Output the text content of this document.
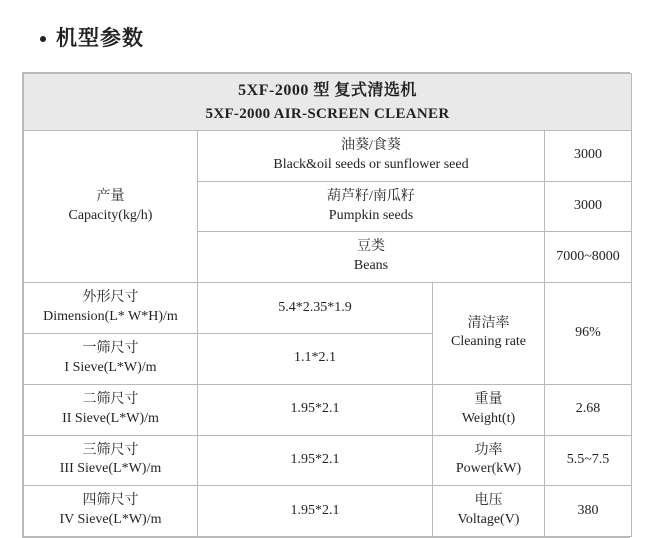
机型参数
5XF-2000 型 复式清选机
5XF-2000 AIR-SCREEN CLEANER			

产量
Capacity(kg/h)	油葵/食葵
Black&oil seeds or sunflower seed		3000

	葫芦籽/南瓜籽
Pumpkin seeds		3000

	豆类
Beans		7000~8000

外形尺寸
Dimension(L* W*H)/m	5.4*2.35*1.9	清洁率
Cleaning rate	96%

一筛尺寸
I Sieve(L*W)/m	1.1*2.1		

二筛尺寸
II Sieve(L*W)/m	1.95*2.1	重量
Weight(t)	2.68

三筛尺寸
III Sieve(L*W)/m	1.95*2.1	功率
Power(kW)	5.5~7.5

四筛尺寸
IV Sieve(L*W)/m	1.95*2.1	电压
Voltage(V)	380
